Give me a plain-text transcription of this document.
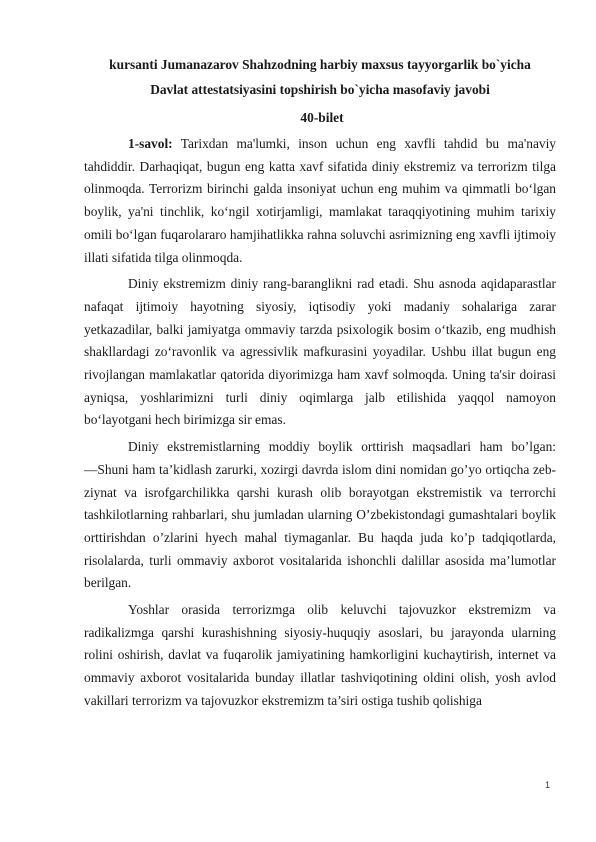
kursanti Jumanazarov Shahzodning harbiy maxsus tayyorgarlik bo`yicha

Davlat attestatsiyasini topshirish bo`yicha masofaviy javobi

40-bilet

1-savol: Tarixdan ma'lumki, inson uchun eng xavfli tahdid bu ma'naviy tahdiddir. Darhaqiqat, bugun eng katta xavf sifatida diniy ekstremiz va terrorizm tilga olinmoqda. Terrorizm birinchi galda insoniyat uchun eng muhim va qimmatli bo‘lgan boylik, ya'ni tinchlik, ko‘ngil xotirjamligi, mamlakat taraqqiyotining muhim tarixiy omili bo‘lgan fuqarolararo hamjihatlikka rahna soluvchi asrimizning eng xavfli ijtimoiy illati sifatida tilga olinmoqda.

Diniy ekstremizm diniy rang-baranglikni rad etadi. Shu asnoda aqidaparastlar nafaqat ijtimoiy hayotning siyosiy, iqtisodiy yoki madaniy sohalariga zarar yetkazadilar, balki jamiyatga ommaviy tarzda psixologik bosim o‘tkazib, eng mudhish shakllardagi zo‘ravonlik va agressivlik mafkurasini yoyadilar. Ushbu illat bugun eng rivojlangan mamlakatlar qatorida diyorimizga ham xavf solmoqda. Uning ta'sir doirasi ayniqsa, yoshlarimizni turli diniy oqimlarga jalb etilishida yaqqol namoyon bo‘layotgani hech birimizga sir emas.

Diniy ekstremistlarning moddiy boylik orttirish maqsadlari ham bo’lgan: ―Shuni ham ta’kidlash zarurki, xozirgi davrda islom dini nomidan go’yo ortiqcha zeb-ziynat va isrofgarchilikka qarshi kurash olib borayotgan ekstremistik va terrorchi tashkilotlarning rahbarlari, shu jumladan ularning O’zbekistondagi gumashtalari boylik orttirishdan o’zlarini hyech mahal tiymaganlar. Bu haqda juda ko’p tadqiqotlarda, risolalarda, turli ommaviy axborot vositalarida ishonchli dalillar asosida ma’lumotlar berilgan.

Yoshlar orasida terrorizmga olib keluvchi tajovuzkor ekstremizm va radikalizmga qarshi kurashishning siyosiy-huquqiy asoslari, bu jarayonda ularning rolini oshirish, davlat va fuqarolik jamiyatining hamkorligini kuchaytirish, internet va ommaviy axborot vositalarida bunday illatlar tashviqotining oldini olish, yosh avlod vakillari terrorizm va tajovuzkor ekstremizm ta’siri ostiga tushib qolishiga

1
